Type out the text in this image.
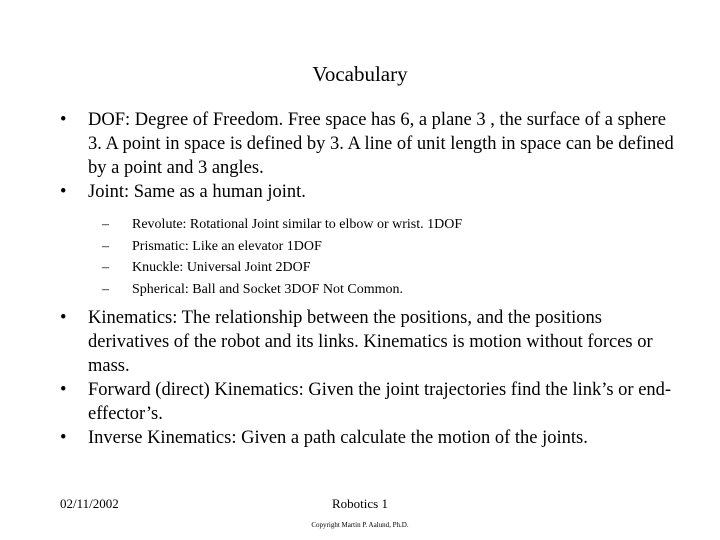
Vocabulary
•	DOF: Degree of Freedom. Free space has 6, a plane 3 , the surface of a sphere 3. A point in space is defined by 3. A line of unit length in space can be defined by a point and 3 angles.
•	Joint: Same as a human joint.
– Revolute: Rotational Joint similar to elbow or wrist. 1DOF
– Prismatic: Like an elevator 1DOF
– Knuckle: Universal Joint 2DOF
– Spherical: Ball and Socket 3DOF Not Common.
•	Kinematics: The relationship between the positions, and the positions derivatives of the robot and its links. Kinematics is motion without forces or mass.
•	Forward (direct) Kinematics: Given the joint trajectories find the link’s or end-effector’s.
•	Inverse Kinematics: Given a path calculate the motion of the joints.
02/11/2002	Robotics 1
Copyright Martin P. Aalund, Ph.D.
